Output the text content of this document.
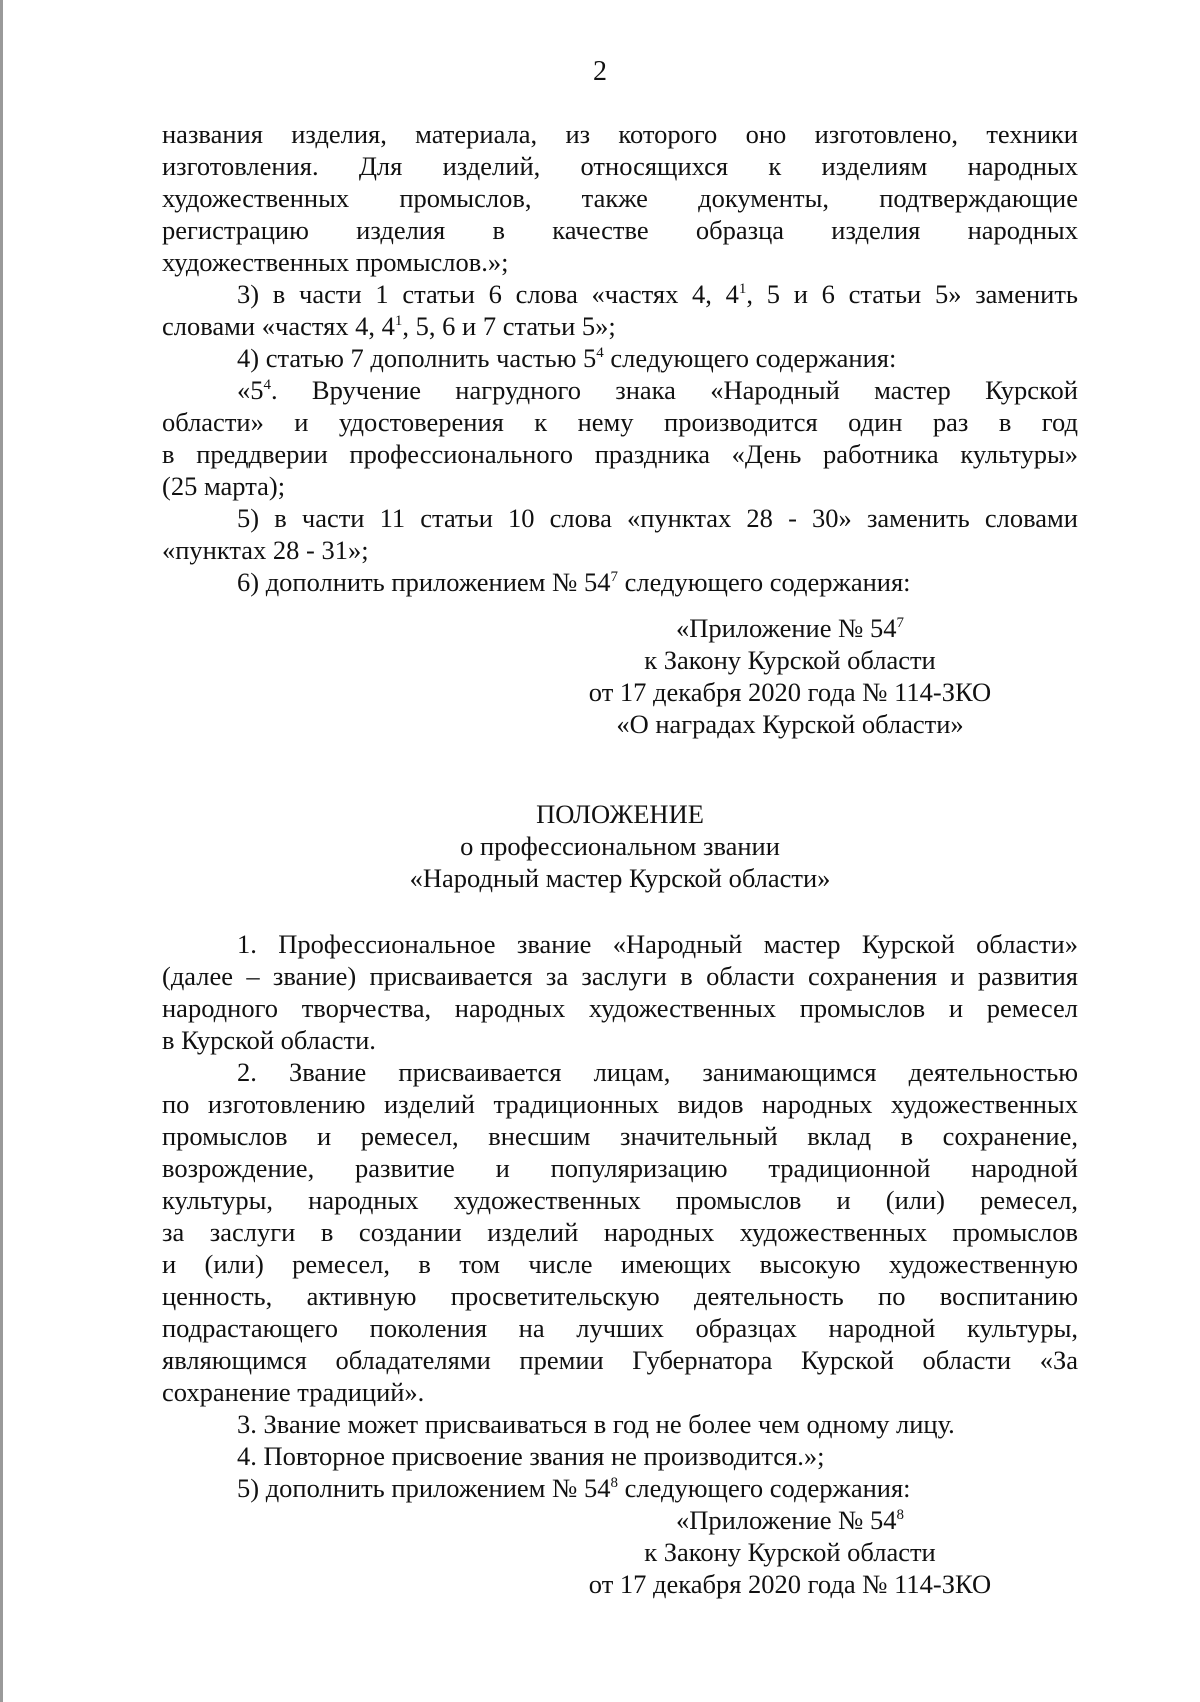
2
названия изделия, материала, из которого оно изготовлено, техники
изготовления. Для изделий, относящихся к изделиям народных
художественных промыслов, также документы, подтверждающие
регистрацию изделия в качестве образца изделия народных
художественных промыслов.»;
3) в части 1 статьи 6 слова «частях 4, $4^1$, 5 и 6 статьи 5» заменить
словами «частях 4, $4^1$, 5, 6 и 7 статьи 5»;
4) статью 7 дополнить частью $5^4$ следующего содержания:
«$5^4$. Вручение нагрудного знака «Народный мастер Курской
области» и удостоверения к нему производится один раз в год
в преддверии профессионального праздника «День работника культуры»
(25 марта);
5) в части 11 статьи 10 слова «пунктах 28 - 30» заменить словами
«пунктах 28 - 31»;
6) дополнить приложением № $54^7$ следующего содержания:
«Приложение № $54^7$
к Закону Курской области
от 17 декабря 2020 года № 114-ЗКО
«О наградах Курской области»
ПОЛОЖЕНИЕ
о профессиональном звании
«Народный мастер Курской области»
1. Профессиональное звание «Народный мастер Курской области»
(далее – звание) присваивается за заслуги в области сохранения и развития
народного творчества, народных художественных промыслов и ремесел
в Курской области.
2. Звание присваивается лицам, занимающимся деятельностью
по изготовлению изделий традиционных видов народных художественных
промыслов и ремесел, внесшим значительный вклад в сохранение,
возрождение, развитие и популяризацию традиционной народной
культуры, народных художественных промыслов и (или) ремесел,
за заслуги в создании изделий народных художественных промыслов
и (или) ремесел, в том числе имеющих высокую художественную
ценность, активную просветительскую деятельность по воспитанию
подрастающего поколения на лучших образцах народной культуры,
являющимся обладателями премии Губернатора Курской области «За
сохранение традиций».
3. Звание может присваиваться в год не более чем одному лицу.
4. Повторное присвоение звания не производится.»;
5) дополнить приложением № $54^8$ следующего содержания:
«Приложение № $54^8$
к Закону Курской области
от 17 декабря 2020 года № 114-ЗКО
